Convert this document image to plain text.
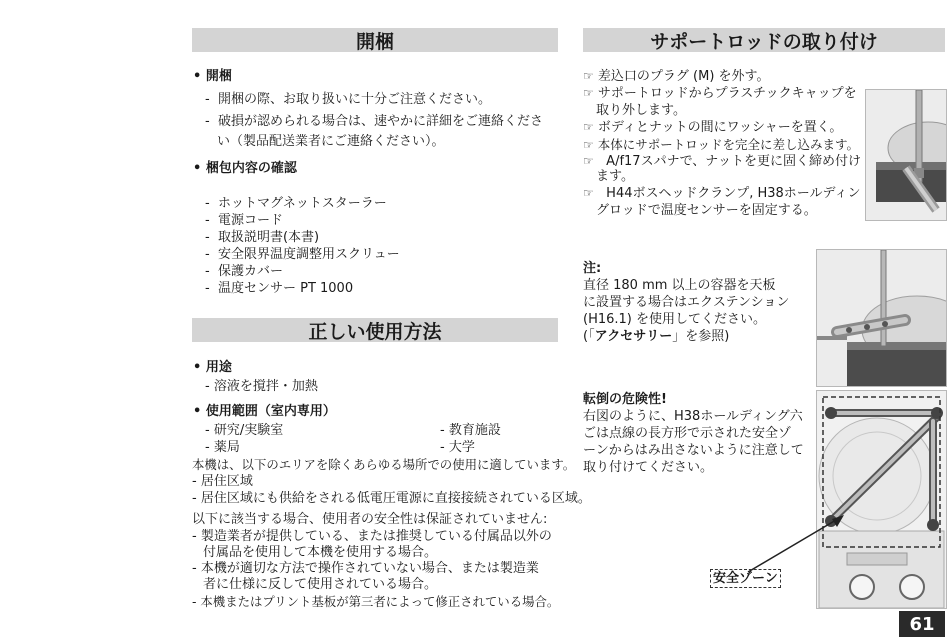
開梱
• 開梱
-  開梱の際、お取り扱いに十分ご注意ください。
-  破損が認められる場合は、速やかに詳細をご連絡くださ
い（製品配送業者にご連絡ください）。
• 梱包内容の確認
-  ホットマグネットスターラー
-  電源コード
-  取扱説明書(本書)
-  安全限界温度調整用スクリュー
-  保護カバー
-  温度センサー PT 1000
正しい使用方法
• 用途
- 溶液を撹拌・加熱
• 使用範囲（室内専用）
- 研究/実験室	- 教育施設
- 薬局	- 大学
本機は、以下のエリアを除くあらゆる場所での使用に適しています。
- 居住区域
- 居住区域にも供給をされる低電圧電源に直接接続されている区域。
以下に該当する場合、使用者の安全性は保証されていません:
- 製造業者が提供している、または推奨している付属品以外の
付属品を使用して本機を使用する場合。
- 本機が適切な方法で操作されていない場合、または製造業
者に仕様に反して使用されている場合。
- 本機またはプリント基板が第三者によって修正されている場合。
サポートロッドの取り付け
☞ 差込口のプラグ (M) を外す。
☞ サポートロッドからプラスチックキャップを
取り外します。
☞ ボディとナットの間にワッシャーを置く。
☞ 本体にサポートロッドを完全に差し込みます。
☞ A/f17スパナで、ナットを更に固く締め付け
ます。
☞ H44ボスヘッドクランプ, H38ホールディン
グロッドで温度センサーを固定する。
注:
直径 180 mm 以上の容器を天板
に設置する場合はエクステンション
(H16.1) を使用してください。
(「アクセサリー」を参照)
転倒の危険性!
右図のように、H38ホールディング六
ごは点線の長方形で示された安全ゾ
ーンからはみ出さないように注意して
取り付けてください。
安全ゾーン
61
